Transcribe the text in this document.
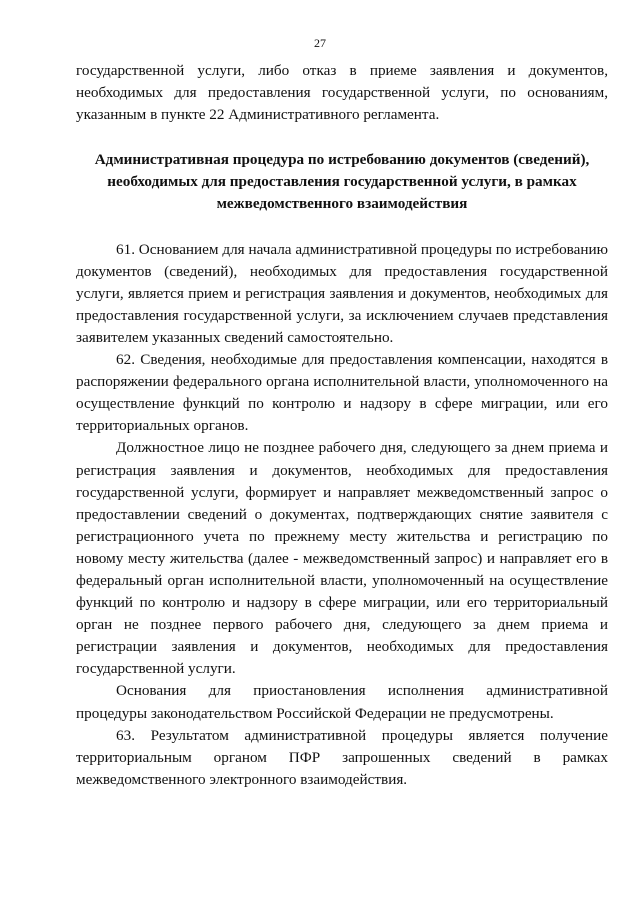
27

государственной услуги, либо отказ в приеме заявления и документов, необходимых для предоставления государственной услуги, по основаниям, указанным в пункте 22 Административного регламента.

Административная процедура по истребованию документов (сведений),
необходимых для предоставления государственной услуги, в рамках
межведомственного взаимодействия

61. Основанием для начала административной процедуры по истребованию документов (сведений), необходимых для предоставления государственной услуги, является прием и регистрация заявления и документов, необходимых для предоставления государственной услуги, за исключением случаев представления заявителем указанных сведений самостоятельно.

62. Сведения, необходимые для предоставления компенсации, находятся в распоряжении федерального органа исполнительной власти, уполномоченного на осуществление функций по контролю и надзору в сфере миграции, или его территориальных органов.

Должностное лицо не позднее рабочего дня, следующего за днем приема и регистрация заявления и документов, необходимых для предоставления государственной услуги, формирует и направляет межведомственный запрос о предоставлении сведений о документах, подтверждающих снятие заявителя с регистрационного учета по прежнему месту жительства и регистрацию по новому месту жительства (далее - межведомственный запрос) и направляет его в федеральный орган исполнительной власти, уполномоченный на осуществление функций по контролю и надзору в сфере миграции, или его территориальный орган не позднее первого рабочего дня, следующего за днем приема и регистрации заявления и документов, необходимых для предоставления государственной услуги.

Основания для приостановления исполнения административной процедуры законодательством Российской Федерации не предусмотрены.

63. Результатом административной процедуры является получение территориальным органом ПФР запрошенных сведений в рамках межведомственного электронного взаимодействия.
